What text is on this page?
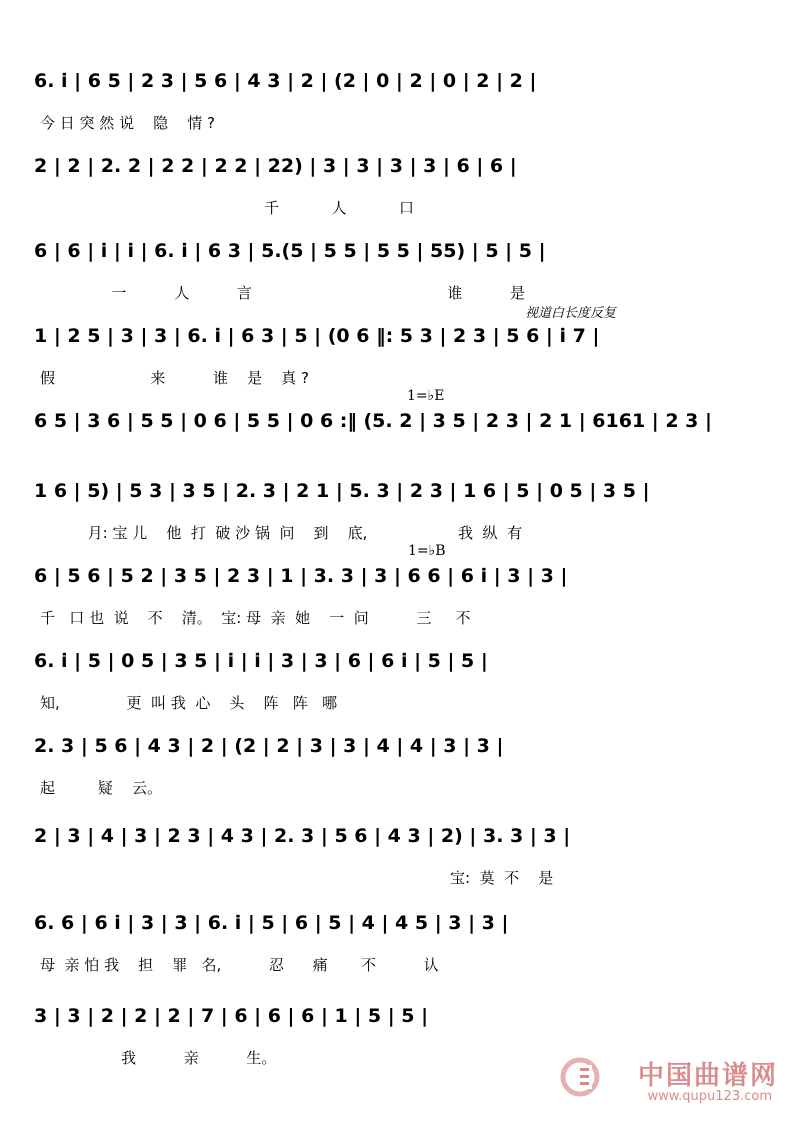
6. i̇ | 6 5 | 2 3 | 5 6 | 4 3 | 2 | (2 | 0 | 2 | 0 | 2 | 2 |
今 日 突 然 说    隐    情 ?
2 | 2 | 2. 2 | 2 2 | 2 2 | 22) | 3 | 3 | 3 | 3 | 6 | 6 |
千           人           口
6 | 6 | i̇ | i̇ | 6. i̇ | 6 3 | 5.(5 | 5 5 | 5 5 | 55) | 5 | 5 |
一          人          言                                         谁          是
视道白长度反复
1 | 2 5 | 3 | 3 | 6. i̇ | 6 3 | 5 | (0 6 ‖: 5 3 | 2 3 | 5 6 | i̇ 7 |
假                    来          谁    是    真 ?
1=♭E
6 5 | 3 6 | 5 5 | 0 6 | 5 5 | 0 6 :‖ (5. 2 | 3 5 | 2 3 | 2 1 | 6161 | 2 3 |
1 6 | 5) | 5 3 | 3 5 | 2. 3 | 2 1 | 5. 3 | 2 3 | 1 6 | 5 | 0 5 | 3 5 |
月: 宝 儿    他  打  破 沙 锅  问    到    底,                   我  纵  有
1=♭B
6 | 5 6 | 5 2 | 3 5 | 2 3 | 1 | 3. 3 | 3 | 6 6 | 6 i̇ | 3 | 3 |
千   口 也  说    不    清。  宝: 母  亲  她    一  问          三     不
6. i̇ | 5 | 0 5 | 3 5 | i̇ | i̇ | 3 | 3 | 6 | 6 i̇ | 5 | 5 |
知,              更  叫 我  心    头    阵   阵   哪
2. 3 | 5 6 | 4 3 | 2 | (2 | 2 | 3 | 3 | 4 | 4 | 3 | 3 |
起         疑    云。
2 | 3 | 4 | 3 | 2 3 | 4 3 | 2. 3 | 5 6 | 4 3 | 2) | 3. 3 | 3 |
宝:  莫  不    是
6. 6 | 6 i̇ | 3 | 3 | 6. i̇ | 5 | 6 | 5 | 4 | 4 5 | 3 | 3 |
母  亲 怕 我    担    罪   名,          忍      痛       不          认
3 | 3 | 2 | 2 | 2 | 7 | 6 | 6 | 6 | 1 | 5 | 5 |
我          亲          生。
中国曲谱网
www.qupu123.com
